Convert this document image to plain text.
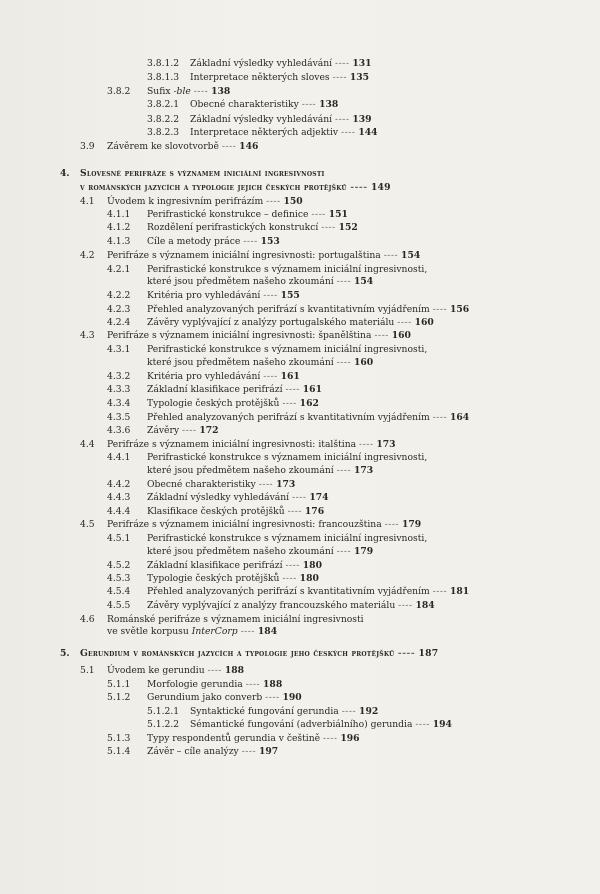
3.8.1.2 Základní výsledky vyhledávání ---- 131
3.8.1.3 Interpretace některých sloves ---- 135
3.8.2 Sufix -ble ---- 138
3.8.2.1 Obecné charakteristiky ---- 138
3.8.2.2 Základní výsledky vyhledávání ---- 139
3.8.2.3 Interpretace některých adjektiv ---- 144
3.9 Závěrem ke slovotvorbě ---- 146
4. Slovesné perifráze s významem iniciální ingresivnosti
v románských jazycích a typologie jejich českých protějšků ---- 149
4.1 Úvodem k ingresivním perifrázím ---- 150
4.1.1 Perifrastické konstrukce – definice ---- 151
4.1.2 Rozdělení perifrastických konstrukcí ---- 152
4.1.3 Cíle a metody práce ---- 153
4.2 Perifráze s významem iniciální ingresivnosti: portugalština ---- 154
4.2.1 Perifrastické konstrukce s významem iniciální ingresivnosti,
které jsou předmětem našeho zkoumání ---- 154
4.2.2 Kritéria pro vyhledávání ---- 155
4.2.3 Přehled analyzovaných perifrází s kvantitativním vyjádřením ---- 156
4.2.4 Závěry vyplývající z analýzy portugalského materiálu ---- 160
4.3 Perifráze s významem iniciální ingresivnosti: španělština ---- 160
4.3.1 Perifrastické konstrukce s významem iniciální ingresivnosti,
které jsou předmětem našeho zkoumání ---- 160
4.3.2 Kritéria pro vyhledávání ---- 161
4.3.3 Základní klasifikace perifrází ---- 161
4.3.4 Typologie českých protějšků ---- 162
4.3.5 Přehled analyzovaných perifrází s kvantitativním vyjádřením ---- 164
4.3.6 Závěry ---- 172
4.4 Perifráze s významem iniciální ingresivnosti: italština ---- 173
4.4.1 Perifrastické konstrukce s významem iniciální ingresivnosti,
které jsou předmětem našeho zkoumání ---- 173
4.4.2 Obecné charakteristiky ---- 173
4.4.3 Základní výsledky vyhledávání ---- 174
4.4.4 Klasifikace českých protějšků ---- 176
4.5 Perifráze s významem iniciální ingresivnosti: francouzština ---- 179
4.5.1 Perifrastické konstrukce s významem iniciální ingresivnosti,
které jsou předmětem našeho zkoumání ---- 179
4.5.2 Základní klasifikace perifrází ---- 180
4.5.3 Typologie českých protějšků ---- 180
4.5.4 Přehled analyzovaných perifrází s kvantitativním vyjádřením ---- 181
4.5.5 Závěry vyplývající z analýzy francouzského materiálu ---- 184
4.6 Románské perifráze s významem iniciální ingresivnosti
ve světle korpusu InterCorp ---- 184
5. Gerundium v románských jazycích a typologie jeho českých protějšků ---- 187
5.1 Úvodem ke gerundiu ---- 188
5.1.1 Morfologie gerundia ---- 188
5.1.2 Gerundium jako converb ---- 190
5.1.2.1 Syntaktické fungování gerundia ---- 192
5.1.2.2 Sémantické fungování (adverbiálního) gerundia ---- 194
5.1.3 Typy respondentů gerundia v češtině ---- 196
5.1.4 Závěr – cíle analýzy ---- 197
